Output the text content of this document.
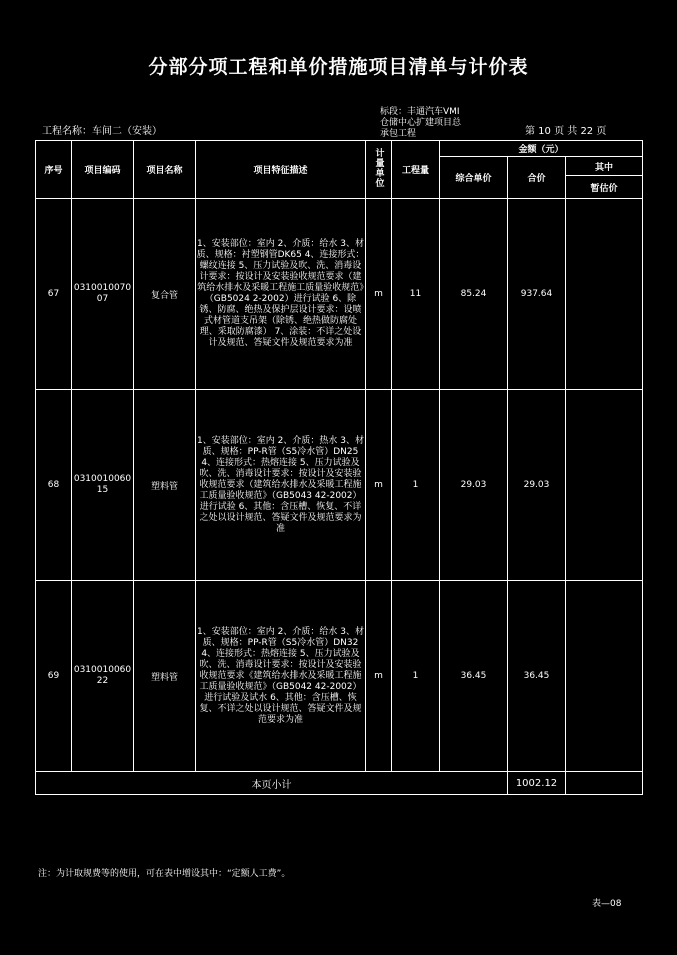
分部分项工程和单价措施项目清单与计价表
工程名称：车间二（安装）
标段：丰通汽车VMI
仓储中心扩建项目总
承包工程	第 10 页 共 22 页
序号	项目编码	项目名称	项目特征描述	计量单位	工程量	金额（元）		
						综合单价	合价	其中
								暂估价
67	031001007007	复合管	1、安装部位：室内 2、介质：给水 3、材质、规格：衬塑钢管DK65 4、连接形式：螺纹连接 5、压力试验及吹、洗、消毒设计要求：按设计及安装验收规范要求（建筑给水排水及采暖工程施工质量验收规范》（GB5024 2-2002）进行试验 6、除锈、防腐、绝热及保护层设计要求：设喷式材管道支吊架（除锈、绝热做防腐处理、采取防腐漆） 7、涂装：不详之处设计及规范、答疑文件及规范要求为准	m	11	85.24	937.64	
68	031001006015	塑料管	1、安装部位：室内 2、介质：热水 3、材质、规格：PP-R管（S5冷水管）DN25 4、连接形式：热熔连接 5、压力试验及吹、洗、消毒设计要求：按设计及安装验收规范要求（建筑给水排水及采暖工程施工质量验收规范》（GB5043 42-2002）进行试验 6、其他：含压槽、恢复、不详之处以设计规范、答疑文件及规范要求为准	m	1	29.03	29.03	
69	031001006022	塑料管	1、安装部位：室内 2、介质：给水 3、材质、规格：PP-R管（S5冷水管）DN32 4、连接形式：热熔连接 5、压力试验及吹、洗、消毒设计要求：按设计及安装验收规范要求《建筑给水排水及采暖工程施工质量验收规范》（GB5042 42-2002）进行试验及试水 6、其他：含压槽、恢复、不详之处以设计规范、答疑文件及规范要求为准	m	1	36.45	36.45	
本页小计							1002.12	
注：为计取规费等的使用，可在表中增设其中：“定额人工费”。
表—08
